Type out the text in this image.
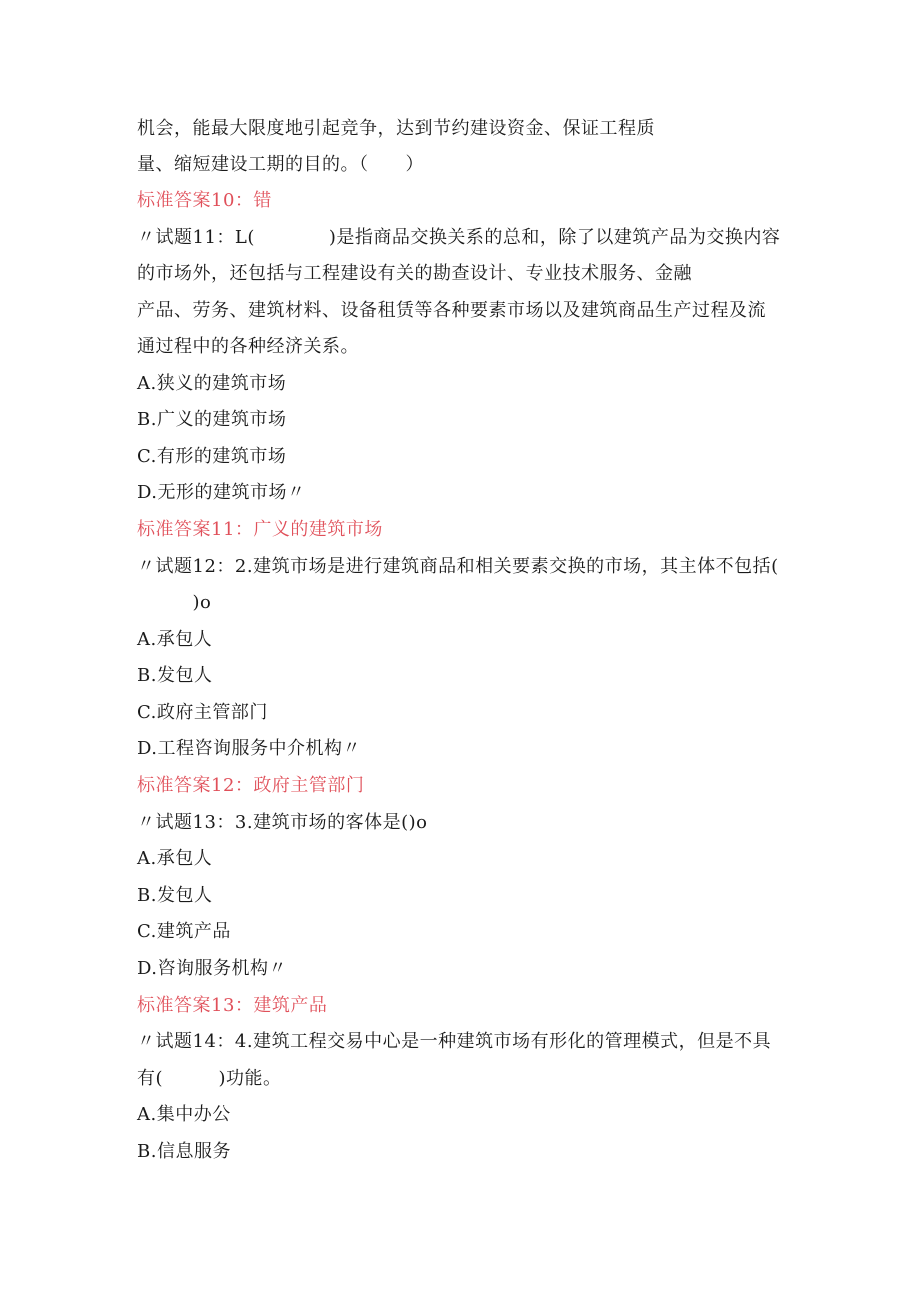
机会，能最大限度地引起竞争，达到节约建设资金、保证工程质
量、缩短建设工期的目的。（　　）
标准答案10：错
〃试题11：L(　　　　)是指商品交换关系的总和，除了以建筑产品为交换内容
的市场外，还包括与工程建设有关的勘查设计、专业技术服务、金融
产品、劳务、建筑材料、设备租赁等各种要素市场以及建筑商品生产过程及流
通过程中的各种经济关系。
A.狭义的建筑市场
B.广义的建筑市场
C.有形的建筑市场
D.无形的建筑市场〃
标准答案11：广义的建筑市场
〃试题12：2.建筑市场是进行建筑商品和相关要素交换的市场，其主体不包括(
　　　)o
A.承包人
B.发包人
C.政府主管部门
D.工程咨询服务中介机构〃
标准答案12：政府主管部门
〃试题13：3.建筑市场的客体是()o
A.承包人
B.发包人
C.建筑产品
D.咨询服务机构〃
标准答案13：建筑产品
〃试题14：4.建筑工程交易中心是一种建筑市场有形化的管理模式，但是不具
有(　　　)功能。
A.集中办公
B.信息服务
